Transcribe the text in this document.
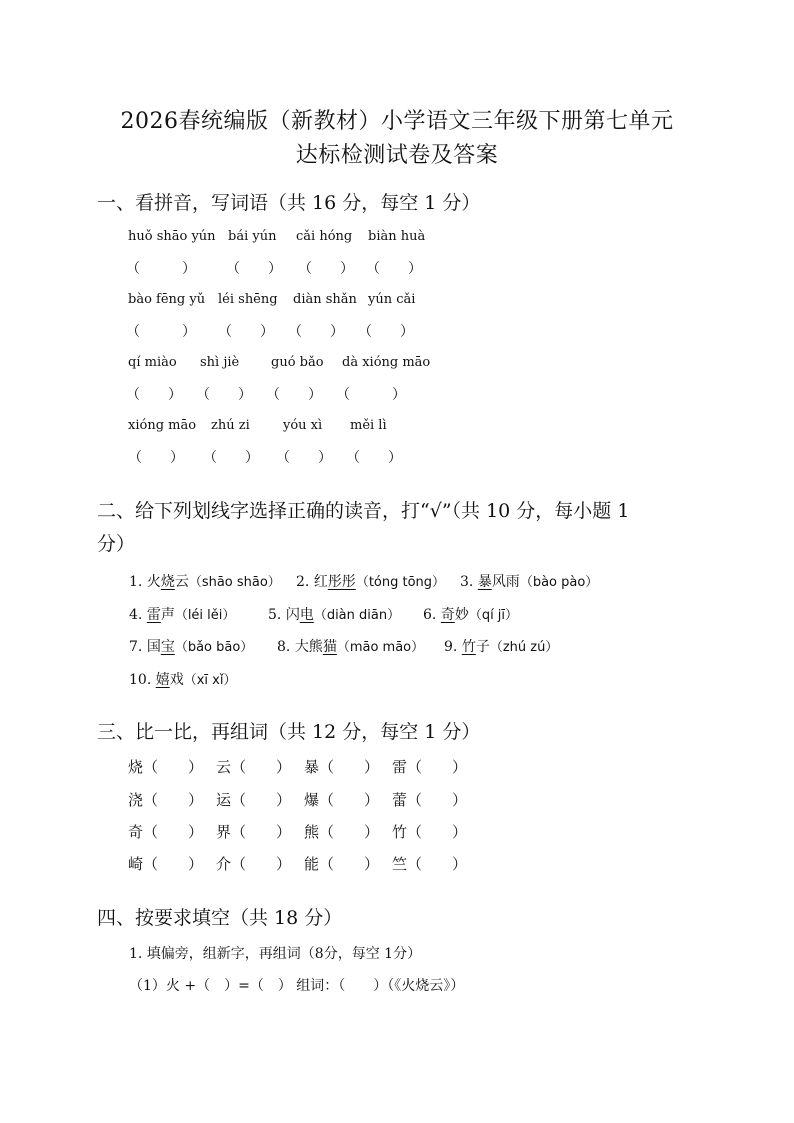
2026春统编版（新教材）小学语文三年级下册第七单元
达标检测试卷及答案
一、看拼音，写词语（共 16 分，每空 1 分）
huǒ shāo yún bái yún cǎi hóng biàn huà
（　　　） （　　） （　　） （　　）
bào fēng yǔ léi shēng diàn shǎn yún cǎi
（　　　） （　　） （　　） （　　）
qí miào shì jiè guó bǎo dà xióng māo
（　　） （　　） （　　） （　　　）
xióng māo zhú zi	yóu xì měi lì
（　　） （　　） （　　） （　　）
二、给下列划线字选择正确的读音，打“√”（共 10 分，每小题 1
分）
1. 火烧云（shāo shāo） 2. 红彤彤（tóng tōng） 3. 暴风雨（bào pào）
4. 雷声（léi lěi） 5. 闪电（diàn diān） 6. 奇妙（qí jī）
7. 国宝（bǎo bāo） 8. 大熊猫（māo māo） 9. 竹子（zhú zú）
10. 嬉戏（xī xǐ）
三、比一比，再组词（共 12 分，每空 1 分）
烧（　　） 云（　　） 暴（　　） 雷（　　）
浇（　　） 运（　　） 爆（　　） 蕾（　　）
奇（　　） 界（　　） 熊（　　） 竹（　　）
崎（　　） 介（　　） 能（　　） 竺（　　）
四、按要求填空（共 18 分）
1. 填偏旁，组新字，再组词（8分，每空 1分）
（1）火 +（　）=（　） 组词：（　　）（《火烧云》）
